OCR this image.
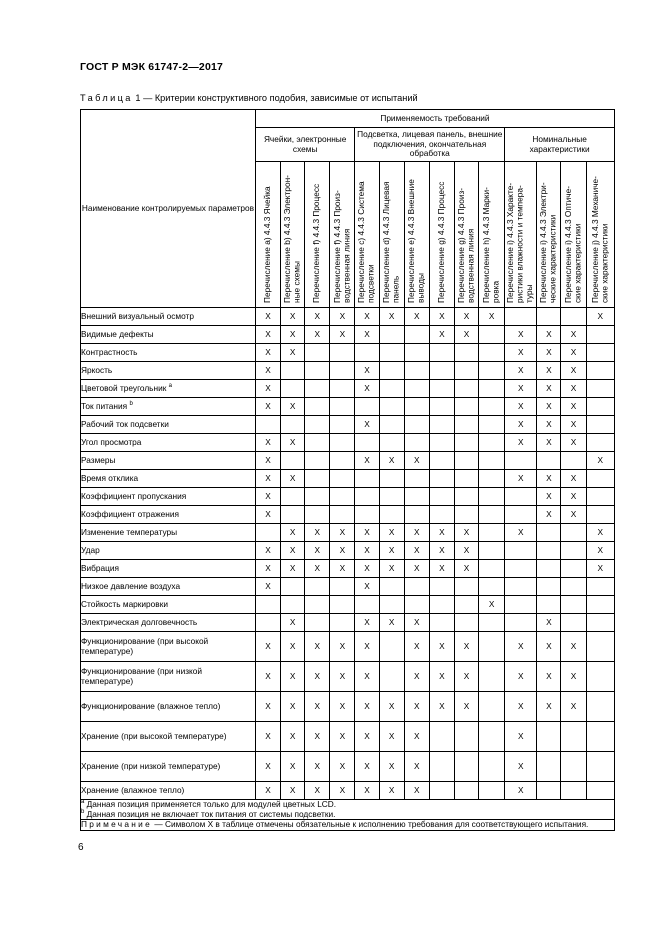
ГОСТ Р МЭК 61747-2—2017
Таблица 1 — Критерии конструктивного подобия, зависимые от испытаний
Наименование контролируемых параметров	Применяемость требований													
	Ячейки, электронные схемы				Подсветка, лицевая панель, внешние подключения, окончательная обработка						Номинальные характеристики			

	Перечисление a) 4.4.3 Ячейка	Перечисление b) 4.4.3 Электрон-
ные схемы	Перечисление f) 4.4.3 Процесс	Перечисление f) 4.4.3 Произ-
водственная линия	Перечисление c) 4.4.3 Система
подсветки	Перечисление d) 4.4.3 Лицевая
панель	Перечисление e) 4.4.3 Внешние
выводы	Перечисление g) 4.4.3 Процесс	Перечисление g) 4.4.3 Произ-
водственная линия	Перечисление h) 4.4.3 Марки-
ровка	Перечисление i) 4.4.3 Характе-
ристики влажности и темпера-
туры	Перечисление i) 4.4.3 Электри-
ческие характеристики	Перечисление i) 4.4.3 Оптиче-
ские характеристики	Перечисление j) 4.4.3 Механиче-
ские характеристики

Внешний визуальный осмотр	X	X	X	X	X	X	X	X	X	X				X
Видимые дефекты	X	X	X	X	X			X	X		X	X	X	
Контрастность	X	X									X	X	X	
Яркость	X				X						X	X	X	
Цветовой треугольник $^a$	X				X						X	X	X	
Ток питания $^b$	X	X									X	X	X	
Рабочий ток подсветки					X						X	X	X	
Угол просмотра	X	X									X	X	X	
Размеры	X				X	X	X							X
Время отклика	X	X									X	X	X	
Коэффициент пропускания	X											X	X	
Коэффициент отражения	X											X	X	
Изменение температуры		X	X	X	X	X	X	X	X		X			X
Удар	X	X	X	X	X	X	X	X	X					X
Вибрация	X	X	X	X	X	X	X	X	X					X
Низкое давление воздуха	X				X									
Стойкость маркировки										X				
Электрическая долговечность		X			X	X	X					X		
Функционирование (при высокой температуре)	X	X	X	X	X		X	X	X		X	X	X	
Функционирование (при низкой температуре)	X	X	X	X	X		X	X	X		X	X	X	
Функционирование (влажное тепло)	X	X	X	X	X	X	X	X	X		X	X	X	
Хранение (при высокой температуре)	X	X	X	X	X	X	X				X			
Хранение (при низкой температуре)	X	X	X	X	X	X	X				X			
Хранение (влажное тепло)	X	X	X	X	X	X	X				X			

$^a$ Данная позиция применяется только для модулей цветных LCD.
$^b$ Данная позиция не включает ток питания от системы подсветки.														

Примечание — Символом X в таблице отмечены обязательные к исполнению требования для соответствующего испытания.														
6
